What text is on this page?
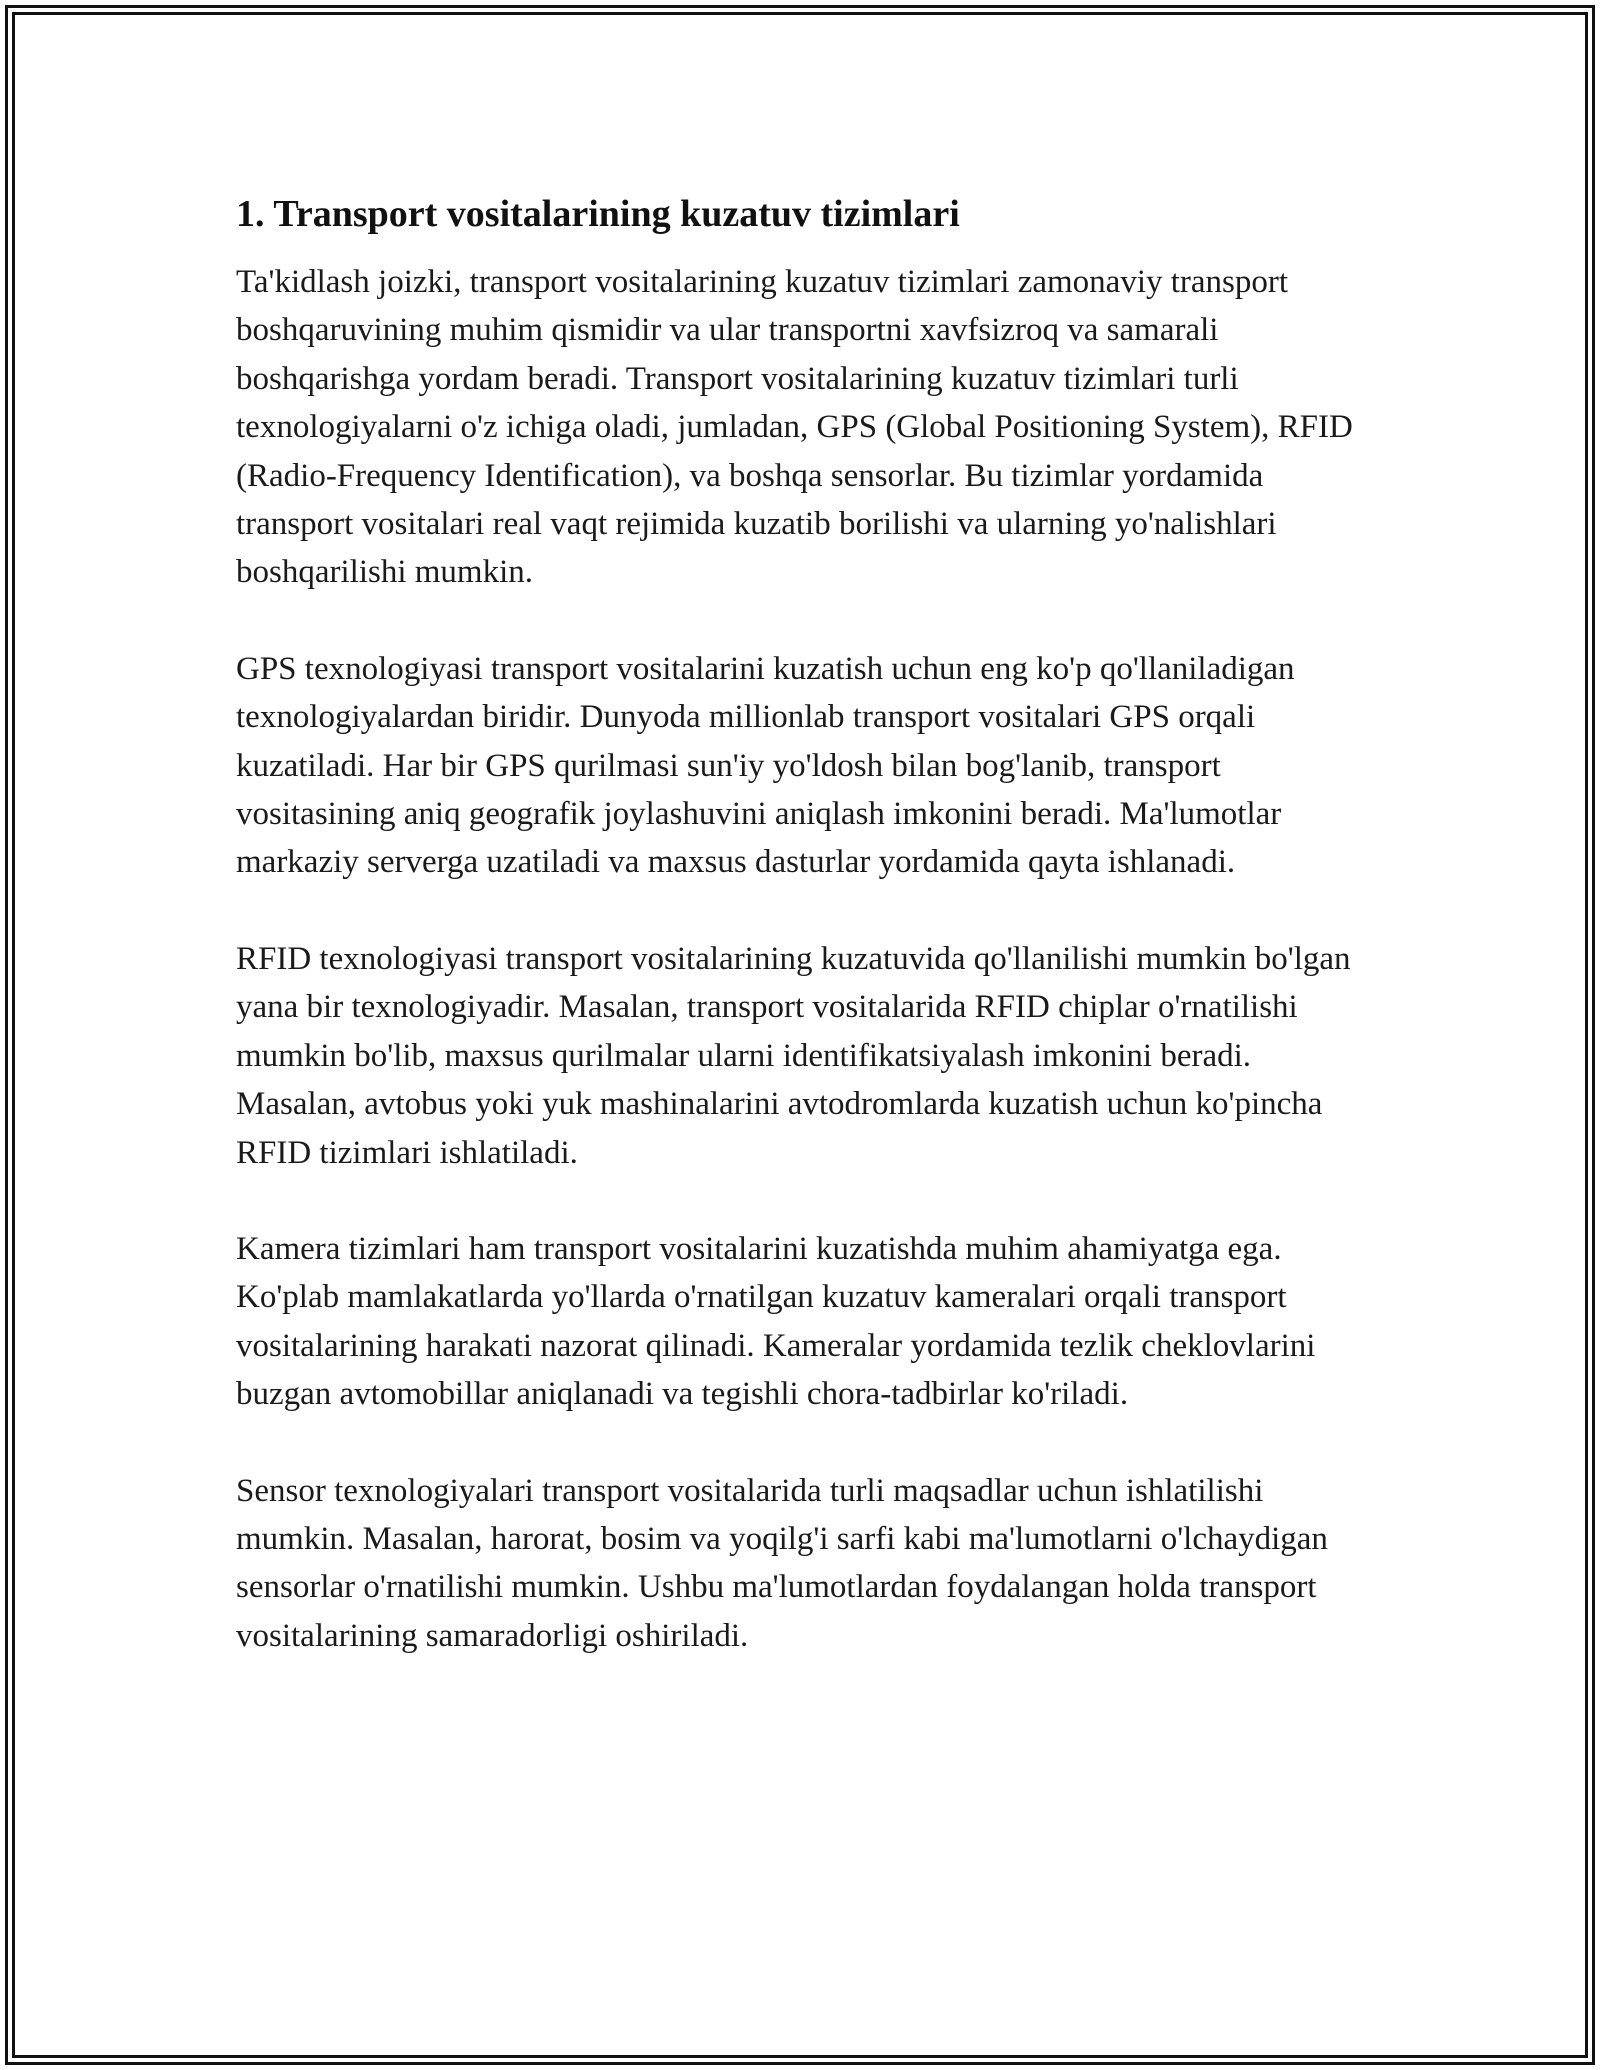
1. Transport vositalarining kuzatuv tizimlari

Ta'kidlash joizki, transport vositalarining kuzatuv tizimlari zamonaviy transport boshqaruvining muhim qismidir va ular transportni xavfsizroq va samarali boshqarishga yordam beradi. Transport vositalarining kuzatuv tizimlari turli texnologiyalarni o'z ichiga oladi, jumladan, GPS (Global Positioning System), RFID (Radio-Frequency Identification), va boshqa sensorlar. Bu tizimlar yordamida transport vositalari real vaqt rejimida kuzatib borilishi va ularning yo'nalishlari boshqarilishi mumkin.

GPS texnologiyasi transport vositalarini kuzatish uchun eng ko'p qo'llaniladigan texnologiyalardan biridir. Dunyoda millionlab transport vositalari GPS orqali kuzatiladi. Har bir GPS qurilmasi sun'iy yo'ldosh bilan bog'lanib, transport vositasining aniq geografik joylashuvini aniqlash imkonini beradi. Ma'lumotlar markaziy serverga uzatiladi va maxsus dasturlar yordamida qayta ishlanadi.

RFID texnologiyasi transport vositalarining kuzatuvida qo'llanilishi mumkin bo'lgan yana bir texnologiyadir. Masalan, transport vositalarida RFID chiplar o'rnatilishi mumkin bo'lib, maxsus qurilmalar ularni identifikatsiyalash imkonini beradi. Masalan, avtobus yoki yuk mashinalarini avtodromlarda kuzatish uchun ko'pincha RFID tizimlari ishlatiladi.

Kamera tizimlari ham transport vositalarini kuzatishda muhim ahamiyatga ega. Ko'plab mamlakatlarda yo'llarda o'rnatilgan kuzatuv kameralari orqali transport vositalarining harakati nazorat qilinadi. Kameralar yordamida tezlik cheklovlarini buzgan avtomobillar aniqlanadi va tegishli chora-tadbirlar ko'riladi.

Sensor texnologiyalari transport vositalarida turli maqsadlar uchun ishlatilishi mumkin. Masalan, harorat, bosim va yoqilg'i sarfi kabi ma'lumotlarni o'lchaydigan sensorlar o'rnatilishi mumkin. Ushbu ma'lumotlardan foydalangan holda transport vositalarining samaradorligi oshiriladi.
